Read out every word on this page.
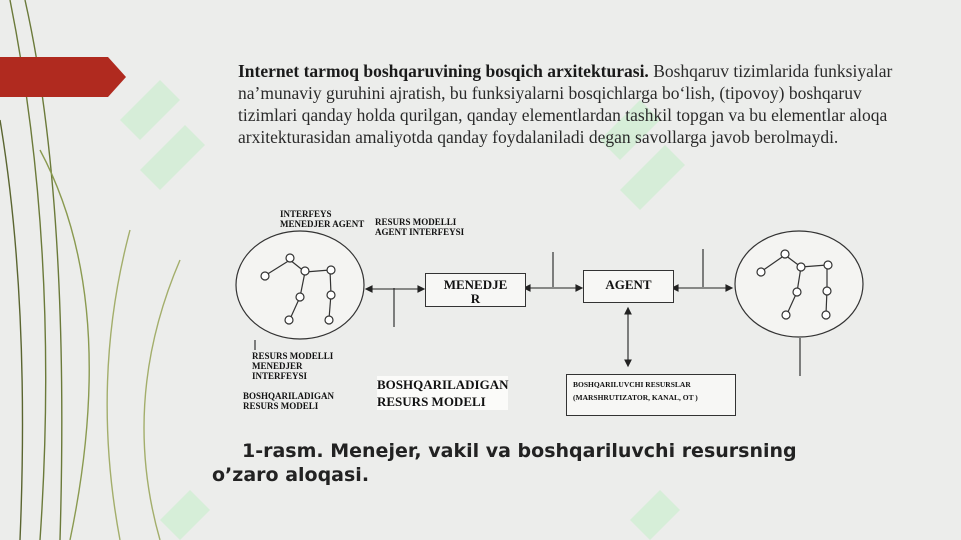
Internet tarmoq boshqaruvining bosqich arxitekturasi. Boshqaruv tizimlarida funksiyalar na’munaviy guruhini ajratish, bu funksiyalarni bosqichlarga bo‘lish, (tipovoy) boshqaruv tizimlari qanday holda qurilgan, qanday elementlardan tashkil topgan va bu elementlar aloqa arxitekturasidan amaliyotda qanday foydalaniladi degan savollarga javob berolmaydi.
INTERFEYS
MENEDJER AGENT RESURS MODELLI
AGENT INTERFEYSI
RESURS MODELLI
MENEDJER
INTERFEYSI
BOSHQARILADIGAN
RESURS MODELI
BOSHQARILADIGAN
RESURS MODELI
MENEDJE
R
AGENT
BOSHQARILUVCHI RESURSLAR
(MARSHRUTIZATOR, KANAL, OT )
1-rasm. Menejer, vakil va boshqariluvchi resursning o’zaro aloqasi.
